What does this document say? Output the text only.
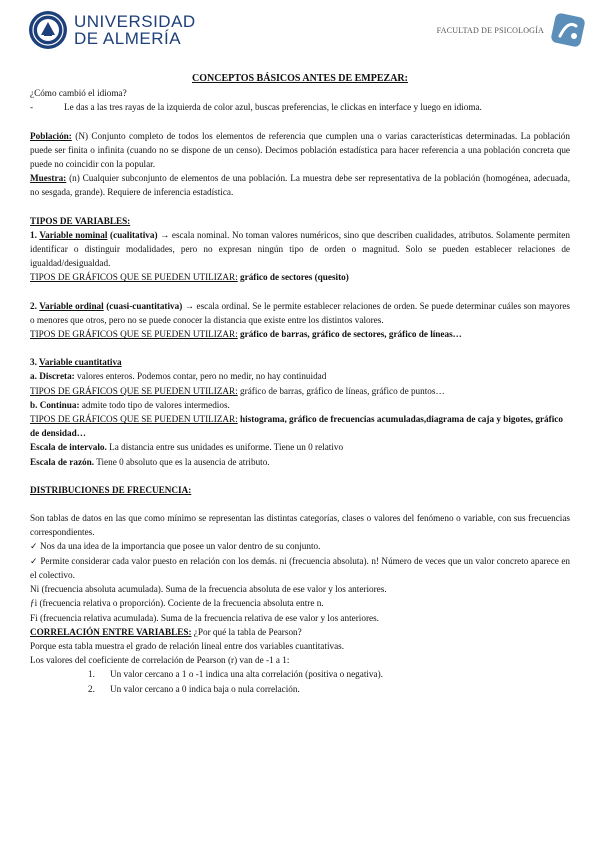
UNIVERSIDAD
DE ALMERÍA	FACULTAD DE PSICOLOGÍA

CONCEPTOS BÁSICOS ANTES DE EMPEZAR:

¿Cómo cambió el idioma?

-	Le das a las tres rayas de la izquierda de color azul, buscas preferencias, le clickas en interface y luego en idioma.

Población: (N) Conjunto completo de todos los elementos de referencia que cumplen una o varias características determinadas. La población puede ser finita o infinita (cuando no se dispone de un censo). Decimos población estadística para hacer referencia a una población concreta que puede no coincidir con la popular.

Muestra: (n) Cualquier subconjunto de elementos de una población. La muestra debe ser representativa de la población (homogénea, adecuada, no sesgada, grande). Requiere de inferencia estadística.

TIPOS DE VARIABLES:

1. Variable nominal (cualitativa) → escala nominal. No toman valores numéricos, sino que describen cualidades, atributos. Solamente permiten identificar o distinguir modalidades, pero no expresan ningún tipo de orden o magnitud. Solo se pueden establecer relaciones de igualdad/desigualdad.

TIPOS DE GRÁFICOS QUE SE PUEDEN UTILIZAR: gráfico de sectores (quesito)

2. Variable ordinal (cuasi-cuantitativa) → escala ordinal. Se le permite establecer relaciones de orden. Se puede determinar cuáles son mayores o menores que otros, pero no se puede conocer la distancia que existe entre los distintos valores.

TIPOS DE GRÁFICOS QUE SE PUEDEN UTILIZAR: gráfico de barras, gráfico de sectores, gráfico de líneas…

3. Variable cuantitativa

a. Discreta: valores enteros. Podemos contar, pero no medir, no hay continuidad

TIPOS DE GRÁFICOS QUE SE PUEDEN UTILIZAR: gráfico de barras, gráfico de líneas, gráfico de puntos…

b. Continua: admite todo tipo de valores intermedios.

TIPOS DE GRÁFICOS QUE SE PUEDEN UTILIZAR: histograma, gráfico de frecuencias acumuladas,diagrama de caja y bigotes, gráfico de densidad…

Escala de intervalo. La distancia entre sus unidades es uniforme. Tiene un 0 relativo

Escala de razón. Tiene 0 absoluto que es la ausencia de atributo.

DISTRIBUCIONES DE FRECUENCIA:

Son tablas de datos en las que como mínimo se representan las distintas categorías, clases o valores del fenómeno o variable, con sus frecuencias correspondientes.

✓ Nos da una idea de la importancia que posee un valor dentro de su conjunto.

✓ Permite considerar cada valor puesto en relación con los demás. ni (frecuencia absoluta). n! Número de veces que un valor concreto aparece en el colectivo.

Ni (frecuencia absoluta acumulada). Suma de la frecuencia absoluta de ese valor y los anteriores.

ƒi (frecuencia relativa o proporción). Cociente de la frecuencia absoluta entre n.

Fi (frecuencia relativa acumulada). Suma de la frecuencia relativa de ese valor y los anteriores.

CORRELACIÓN ENTRE VARIABLES: ¿Por qué la tabla de Pearson?

Porque esta tabla muestra el grado de relación lineal entre dos variables cuantitativas.

Los valores del coeficiente de correlación de Pearson (r) van de -1 a 1:

1.	Un valor cercano a 1 o -1 indica una alta correlación (positiva o negativa).
2.	Un valor cercano a 0 indica baja o nula correlación.
